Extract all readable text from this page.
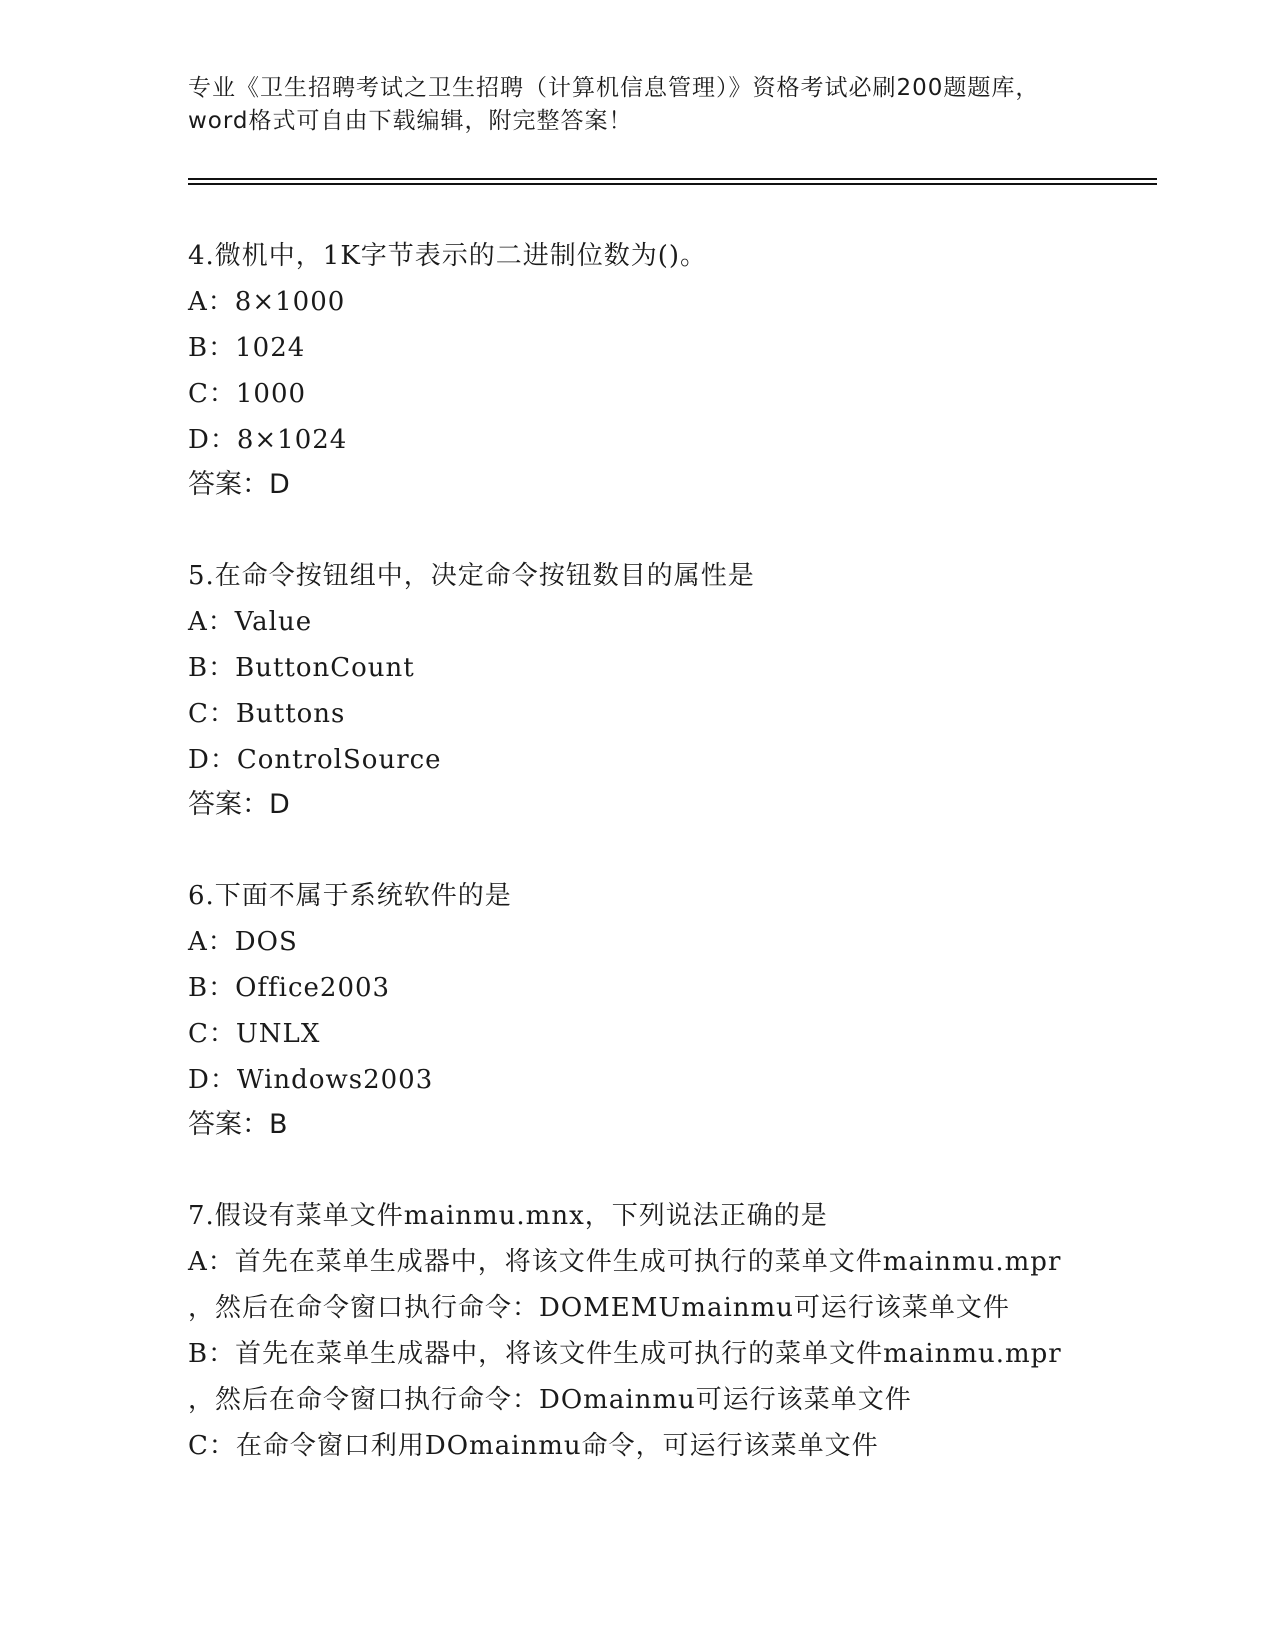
专业《卫生招聘考试之卫生招聘（计算机信息管理）》资格考试必刷200题题库，
word格式可自由下载编辑，附完整答案！
4.微机中，1K字节表示的二进制位数为()。
A：8×1000
B：1024
C：1000
D：8×1024
答案：D
5.在命令按钮组中，决定命令按钮数目的属性是
A：Value
B：ButtonCount
C：Buttons
D：ControlSource
答案：D
6.下面不属于系统软件的是
A：DOS
B：Office2003
C：UNLX
D：Windows2003
答案：B
7.假设有菜单文件mainmu.mnx，下列说法正确的是
A：首先在菜单生成器中，将该文件生成可执行的菜单文件mainmu.mpr
，然后在命令窗口执行命令：DOMEMUmainmu可运行该菜单文件
B：首先在菜单生成器中，将该文件生成可执行的菜单文件mainmu.mpr
，然后在命令窗口执行命令：DOmainmu可运行该菜单文件
C：在命令窗口利用DOmainmu命令，可运行该菜单文件
